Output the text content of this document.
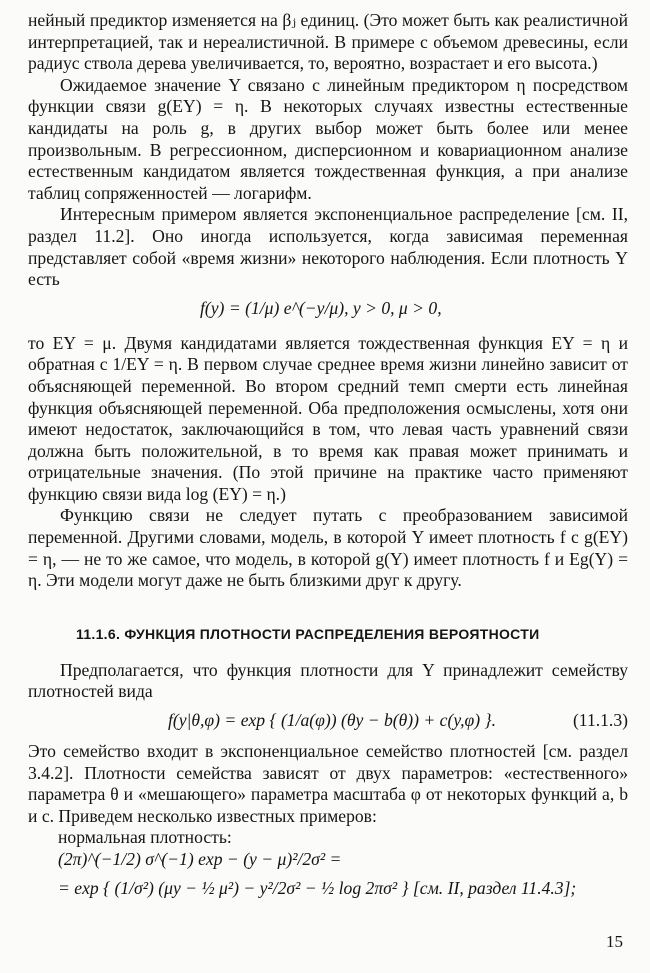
нейный предиктор изменяется на βⱼ единиц. (Это может быть как реалистичной интерпретацией, так и нереалистичной. В примере с объемом древесины, если радиус ствола дерева увеличивается, то, вероятно, возрастает и его высота.)

Ожидаемое значение Y связано с линейным предиктором η посредством функции связи g(EY) = η. В некоторых случаях известны естественные кандидаты на роль g, в других выбор может быть более или менее произвольным. В регрессионном, дисперсионном и ковариационном анализе естественным кандидатом является тождественная функция, а при анализе таблиц сопряженностей — логарифм.

Интересным примером является экспоненциальное распределение [см. II, раздел 11.2]. Оно иногда используется, когда зависимая переменная представляет собой «время жизни» некоторого наблюдения. Если плотность Y есть

f(y) = (1/μ) e^(−y/μ), y > 0, μ > 0,

то EY = μ. Двумя кандидатами является тождественная функция EY = η и обратная с 1/EY = η. В первом случае среднее время жизни линейно зависит от объясняющей переменной. Во втором средний темп смерти есть линейная функция объясняющей переменной. Оба предположения осмыслены, хотя они имеют недостаток, заключающийся в том, что левая часть уравнений связи должна быть положительной, в то время как правая может принимать и отрицательные значения. (По этой причине на практике часто применяют функцию связи вида log (EY) = η.)

Функцию связи не следует путать с преобразованием зависимой переменной. Другими словами, модель, в которой Y имеет плотность f с g(EY) = η, — не то же самое, что модель, в которой g(Y) имеет плотность f и Eg(Y) = η. Эти модели могут даже не быть близкими друг к другу.

11.1.6. ФУНКЦИЯ ПЛОТНОСТИ РАСПРЕДЕЛЕНИЯ ВЕРОЯТНОСТИ

Предполагается, что функция плотности для Y принадлежит семейству плотностей вида

f(y|θ,φ) = exp { (1/a(φ)) (θy − b(θ)) + c(y,φ) }.	(11.1.3)

Это семейство входит в экспоненциальное семейство плотностей [см. раздел 3.4.2]. Плотности семейства зависят от двух параметров: «естественного» параметра θ и «мешающего» параметра масштаба φ от некоторых функций a, b и c. Приведем несколько известных примеров:

нормальная плотность:

(2π)^(−1/2) σ^(−1) exp − (y − μ)²/2σ² =
= exp { (1/σ²) (μy − ½ μ²) − y²/2σ² − ½ log 2πσ² } [см. II, раздел 11.4.3];
15
